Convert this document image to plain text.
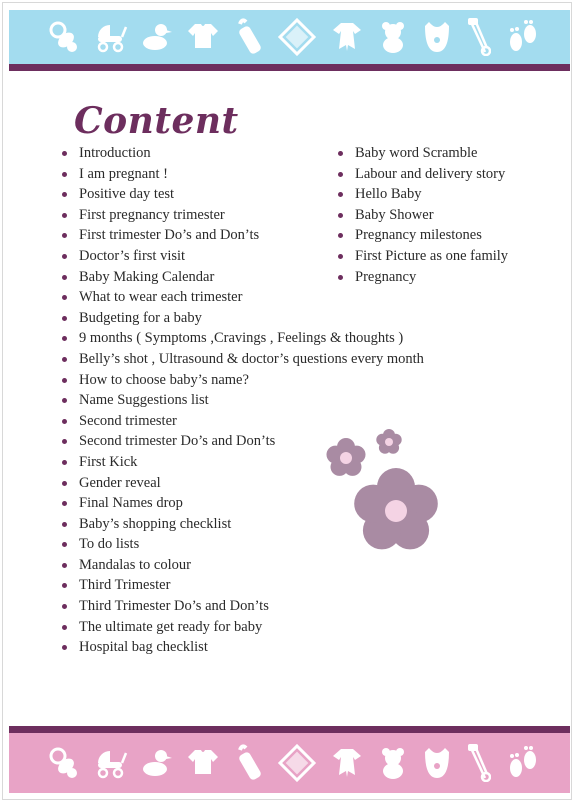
Content
Introduction
I am pregnant !
Positive day test
First pregnancy trimester
First trimester Do’s and Don’ts
Doctor’s first visit
Baby Making Calendar
What to wear each trimester
Budgeting for a baby
9 months ( Symptoms ,Cravings , Feelings & thoughts )
Belly’s shot , Ultrasound & doctor’s questions every month
How to choose baby’s name?
Name Suggestions list
Second trimester
Second trimester Do’s and Don’ts
First Kick
Gender reveal
Final Names drop
Baby’s shopping checklist
To do lists
Mandalas to colour
Third Trimester
Third Trimester Do’s and Don’ts
The ultimate get ready for baby
Hospital bag checklist
Baby word Scramble
Labour and delivery story
Hello Baby
Baby Shower
Pregnancy milestones
First Picture as one family
Pregnancy
